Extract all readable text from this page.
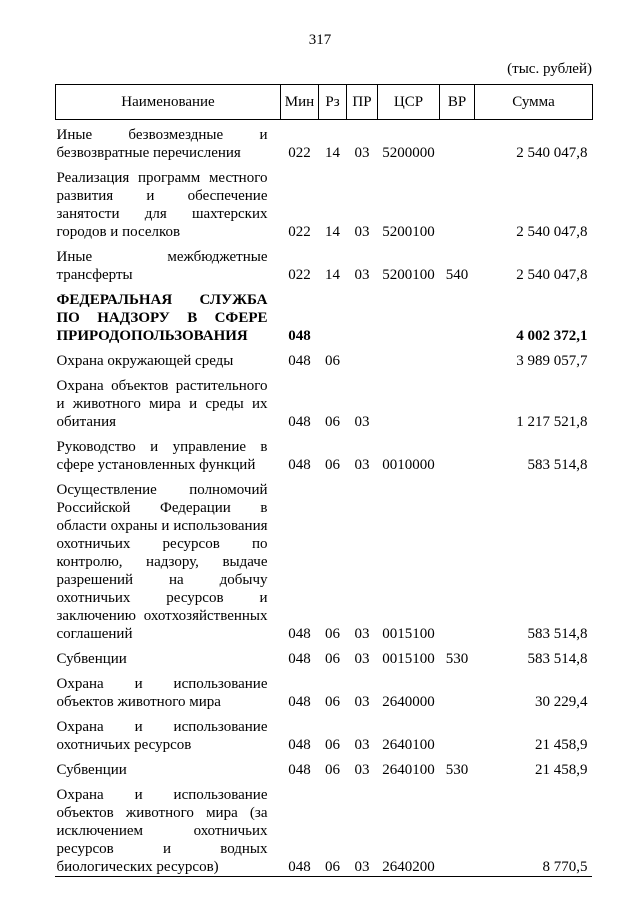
317
(тыс. рублей)
Наименование	Мин	Рз	ПР	ЦСР	ВР	Сумма
Иные безвозмездные и безвозвратные перечисления	022	14	03	5200000		2 540 047,8
Реализация программ местного развития и обеспечение занятости для шахтерских городов и поселков	022	14	03	5200100		2 540 047,8
Иные межбюджетные трансферты	022	14	03	5200100	540	2 540 047,8
ФЕДЕРАЛЬНАЯ СЛУЖБА ПО НАДЗОРУ В СФЕРЕ ПРИРОДОПОЛЬЗОВАНИЯ	048					4 002 372,1
Охрана окружающей среды	048	06				3 989 057,7
Охрана объектов растительного и животного мира и среды их обитания	048	06	03			1 217 521,8
Руководство и управление в сфере установленных функций	048	06	03	0010000		583 514,8
Осуществление полномочий Российской Федерации в области охраны и использования охотничьих ресурсов по контролю, надзору, выдаче разрешений на добычу охотничьих ресурсов и заключению охотхозяйственных соглашений	048	06	03	0015100		583 514,8
Субвенции	048	06	03	0015100	530	583 514,8
Охрана и использование объектов животного мира	048	06	03	2640000		30 229,4
Охрана и использование охотничьих ресурсов	048	06	03	2640100		21 458,9
Субвенции	048	06	03	2640100	530	21 458,9
Охрана и использование объектов животного мира (за исключением охотничьих ресурсов и водных биологических ресурсов)	048	06	03	2640200		8 770,5
